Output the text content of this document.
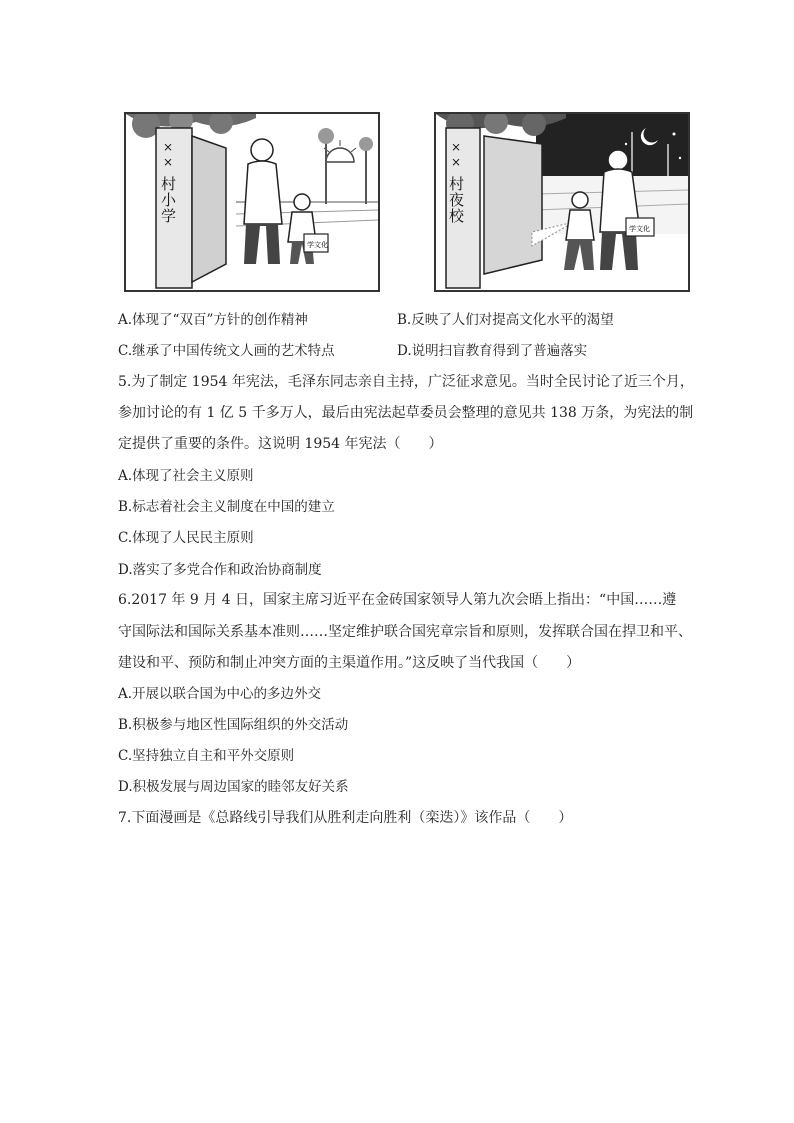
××
村小学
学文化
××
村夜校
学文化
A.体现了“双百”方针的创作精神	B.反映了人们对提高文化水平的渴望
C.继承了中国传统文人画的艺术特点	D.说明扫盲教育得到了普遍落实
5.为了制定 1954 年宪法，毛泽东同志亲自主持，广泛征求意见。当时全民讨论了近三个月，
参加讨论的有 1 亿 5 千多万人，最后由宪法起草委员会整理的意见共 138 万条，为宪法的制
定提供了重要的条件。这说明 1954 年宪法（　　）
A.体现了社会主义原则
B.标志着社会主义制度在中国的建立
C.体现了人民民主原则
D.落实了多党合作和政治协商制度
6.2017 年 9 月 4 日，国家主席习近平在金砖国家领导人第九次会晤上指出：“中国……遵
守国际法和国际关系基本准则……坚定维护联合国宪章宗旨和原则，发挥联合国在捍卫和平、
建设和平、预防和制止冲突方面的主渠道作用。”这反映了当代我国（　　）
A.开展以联合国为中心的多边外交
B.积极参与地区性国际组织的外交活动
C.坚持独立自主和平外交原则
D.积极发展与周边国家的睦邻友好关系
7.下面漫画是《总路线引导我们从胜利走向胜利（栾迭）》该作品（　　）
